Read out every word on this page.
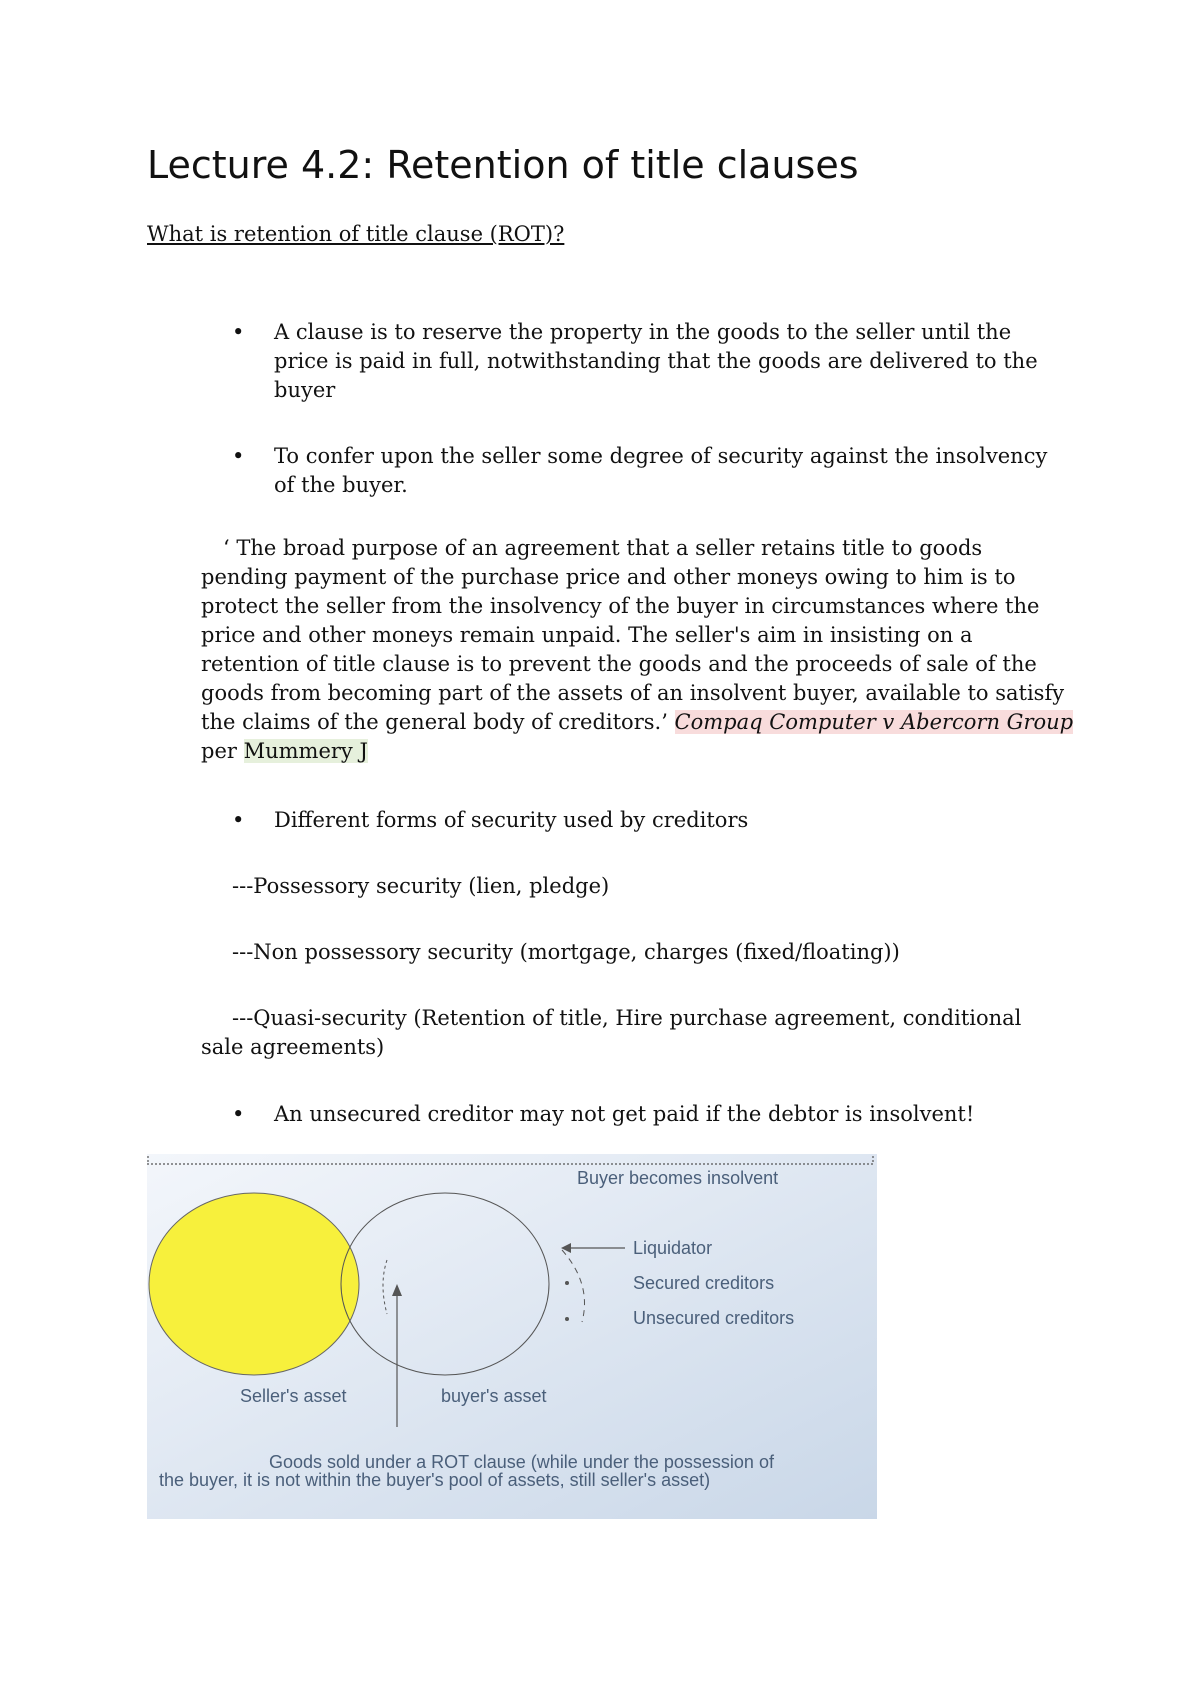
Lecture 4.2: Retention of title clauses
What is retention of title clause (ROT)?
• A clause is to reserve the property in the goods to the seller until the
price is paid in full, notwithstanding that the goods are delivered to the
buyer
• To confer upon the seller some degree of security against the insolvency
of the buyer.
‘ The broad purpose of an agreement that a seller retains title to goods
pending payment of the purchase price and other moneys owing to him is to
protect the seller from the insolvency of the buyer in circumstances where the
price and other moneys remain unpaid. The seller's aim in insisting on a
retention of title clause is to prevent the goods and the proceeds of sale of the
goods from becoming part of the assets of an insolvent buyer, available to satisfy
the claims of the general body of creditors.’ Compaq Computer v Abercorn Group
per Mummery J
• Different forms of security used by creditors
---Possessory security (lien, pledge)
---Non possessory security (mortgage, charges (fixed/floating))
---Quasi-security (Retention of title, Hire purchase agreement, conditional
sale agreements)
• An unsecured creditor may not get paid if the debtor is insolvent!
Buyer becomes insolvent
Liquidator
Secured creditors
Unsecured creditors
Seller's asset	buyer's asset
Goods sold under a ROT clause (while under the possession of
the buyer, it is not within the buyer's pool of assets, still seller's asset)
